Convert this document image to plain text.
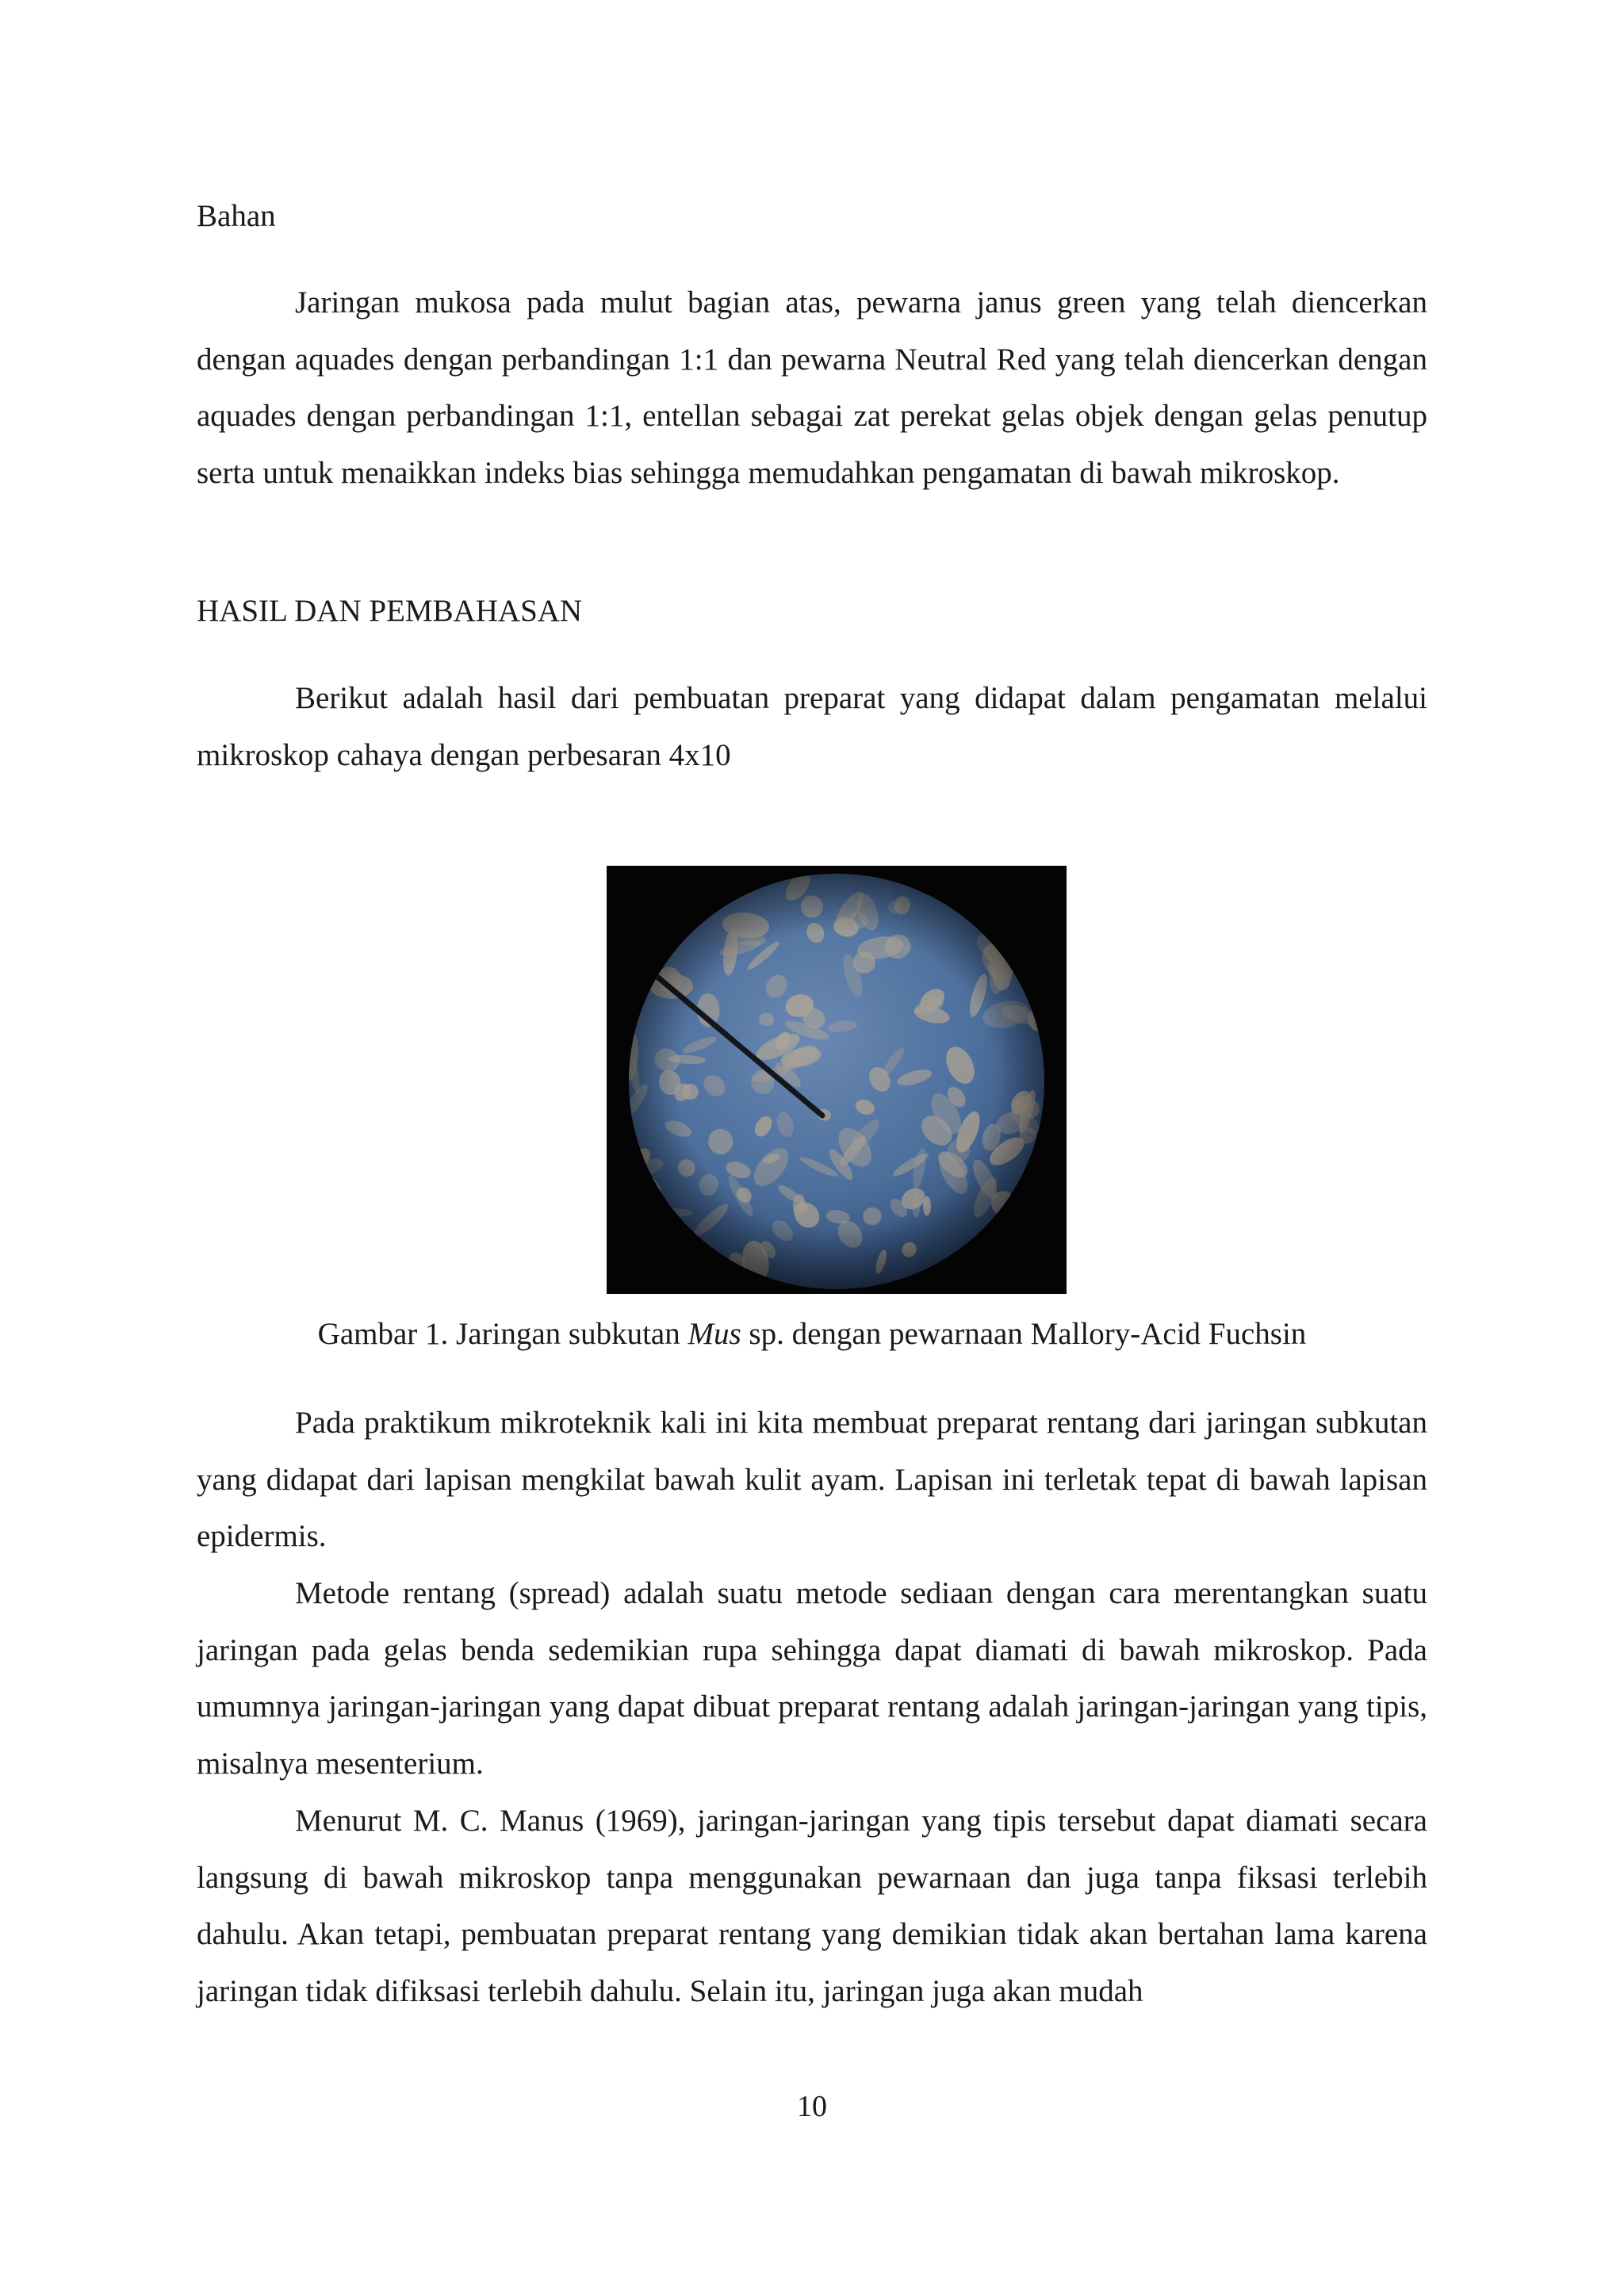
Bahan

Jaringan mukosa pada mulut bagian atas, pewarna janus green yang telah diencerkan dengan aquades dengan perbandingan 1:1 dan pewarna Neutral Red yang telah diencerkan dengan aquades dengan perbandingan 1:1, entellan sebagai zat perekat gelas objek dengan gelas penutup serta untuk menaikkan indeks bias sehingga memudahkan pengamatan di bawah mikroskop.

HASIL DAN PEMBAHASAN

Berikut adalah hasil dari pembuatan preparat yang didapat dalam pengamatan melalui mikroskop cahaya dengan perbesaran 4x10

Gambar 1. Jaringan subkutan Mus sp. dengan pewarnaan Mallory-Acid Fuchsin

Pada praktikum mikroteknik kali ini kita membuat preparat rentang dari jaringan subkutan yang didapat dari lapisan mengkilat bawah kulit ayam. Lapisan ini terletak tepat di bawah lapisan epidermis.

Metode rentang (spread) adalah suatu metode sediaan dengan cara merentangkan suatu jaringan pada gelas benda sedemikian rupa sehingga dapat diamati di bawah mikroskop. Pada umumnya jaringan-jaringan yang dapat dibuat preparat rentang adalah jaringan-jaringan yang tipis, misalnya mesenterium.

Menurut M. C. Manus (1969), jaringan-jaringan yang tipis tersebut dapat diamati secara langsung di bawah mikroskop tanpa menggunakan pewarnaan dan juga tanpa fiksasi terlebih dahulu. Akan tetapi, pembuatan preparat rentang yang demikian tidak akan bertahan lama karena jaringan tidak difiksasi terlebih dahulu. Selain itu, jaringan juga akan mudah

10
